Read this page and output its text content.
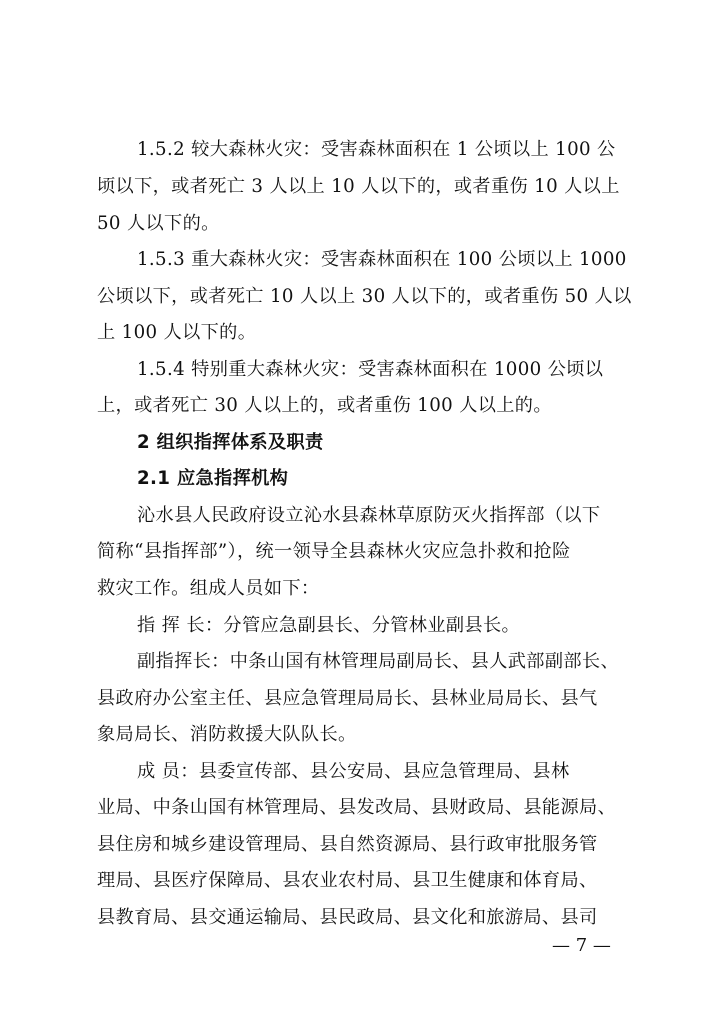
1.5.2 较大森林火灾：受害森林面积在 1 公顷以上 100 公
顷以下，或者死亡 3 人以上 10 人以下的，或者重伤 10 人以上
50 人以下的。
1.5.3 重大森林火灾：受害森林面积在 100 公顷以上 1000
公顷以下，或者死亡 10 人以上 30 人以下的，或者重伤 50 人以
上 100 人以下的。
1.5.4 特别重大森林火灾：受害森林面积在 1000 公顷以
上，或者死亡 30 人以上的，或者重伤 100 人以上的。
2 组织指挥体系及职责
2.1 应急指挥机构
沁水县人民政府设立沁水县森林草原防灭火指挥部（以下
简称“县指挥部”），统一领导全县森林火灾应急扑救和抢险
救灾工作。组成人员如下：
指 挥 长：分管应急副县长、分管林业副县长。
副指挥长：中条山国有林管理局副局长、县人武部副部长、
县政府办公室主任、县应急管理局局长、县林业局局长、县气
象局局长、消防救援大队队长。
成 员：县委宣传部、县公安局、县应急管理局、县林
业局、中条山国有林管理局、县发改局、县财政局、县能源局、
县住房和城乡建设管理局、县自然资源局、县行政审批服务管
理局、县医疗保障局、县农业农村局、县卫生健康和体育局、
县教育局、县交通运输局、县民政局、县文化和旅游局、县司
— 7 —
